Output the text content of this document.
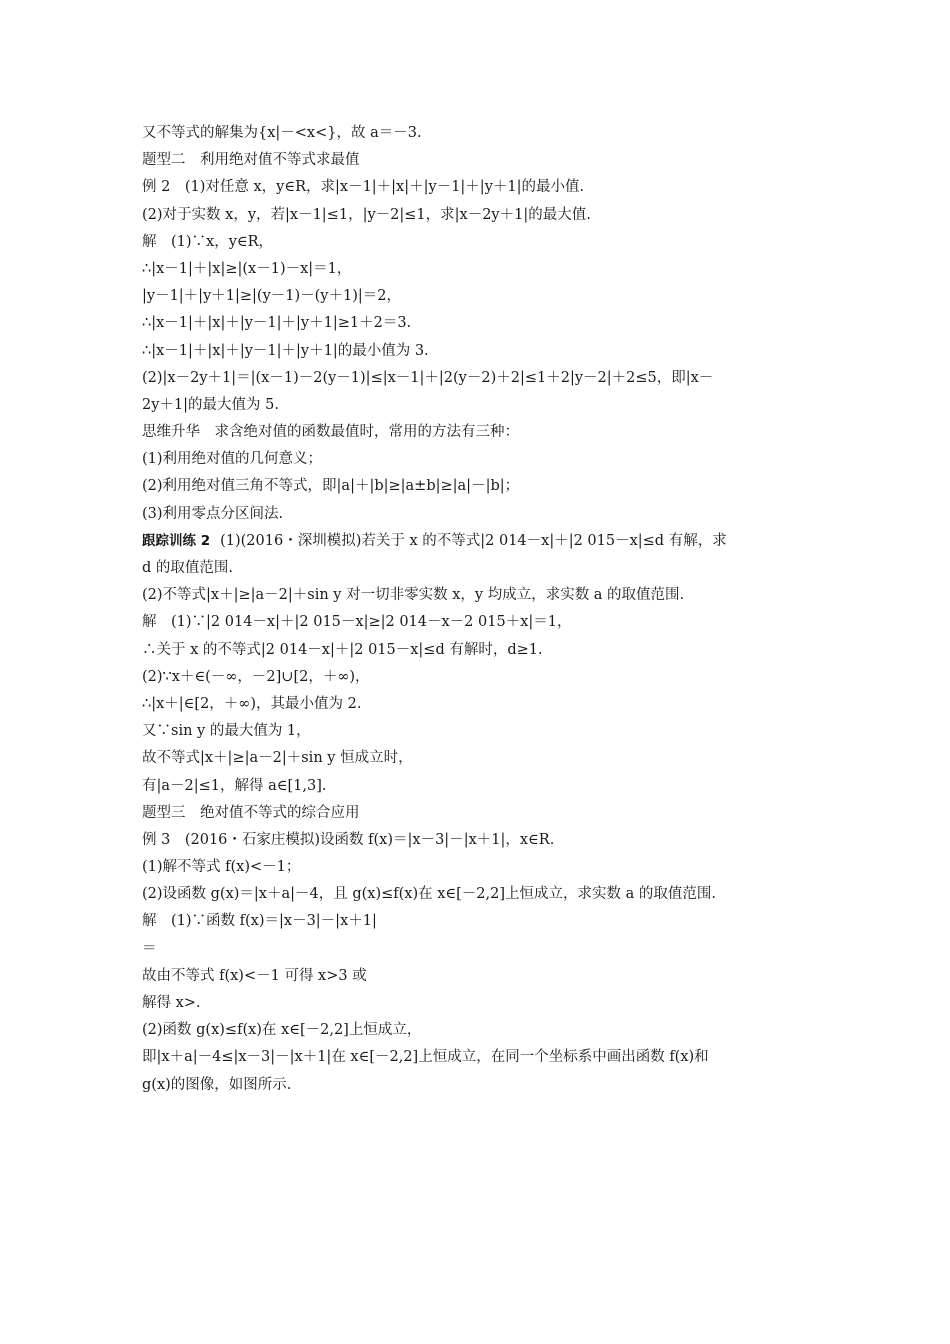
又不等式的解集为{x|－<x<}，故 a＝－3.
题型二　利用绝对值不等式求最值
例 2　(1)对任意 x，y∈R，求|x－1|＋|x|＋|y－1|＋|y＋1|的最小值.
(2)对于实数 x，y，若|x－1|≤1，|y－2|≤1，求|x－2y＋1|的最大值.
解　(1)∵x，y∈R，
∴|x－1|＋|x|≥|(x－1)－x|＝1，
|y－1|＋|y＋1|≥|(y－1)－(y＋1)|＝2，
∴|x－1|＋|x|＋|y－1|＋|y＋1|≥1＋2＝3.
∴|x－1|＋|x|＋|y－1|＋|y＋1|的最小值为 3.
(2)|x－2y＋1|＝|(x－1)－2(y－1)|≤|x－1|＋|2(y－2)＋2|≤1＋2|y－2|＋2≤5，即|x－
2y＋1|的最大值为 5.
思维升华　求含绝对值的函数最值时，常用的方法有三种：
(1)利用绝对值的几何意义；
(2)利用绝对值三角不等式，即|a|＋|b|≥|a±b|≥|a|－|b|；
(3)利用零点分区间法.
跟踪训练 2 (1)(2016・深圳模拟)若关于 x 的不等式|2 014－x|＋|2 015－x|≤d 有解，求
d 的取值范围.
(2)不等式|x＋|≥|a－2|＋sin y 对一切非零实数 x，y 均成立，求实数 a 的取值范围.
解　(1)∵|2 014－x|＋|2 015－x|≥|2 014－x－2 015＋x|＝1，
∴关于 x 的不等式|2 014－x|＋|2 015－x|≤d 有解时，d≥1.
(2)∵x＋∈(－∞，－2]∪[2，＋∞)，
∴|x＋|∈[2，＋∞)，其最小值为 2.
又∵sin y 的最大值为 1，
故不等式|x＋|≥|a－2|＋sin y 恒成立时，
有|a－2|≤1，解得 a∈[1,3].
题型三　绝对值不等式的综合应用
例 3　(2016・石家庄模拟)设函数 f(x)＝|x－3|－|x＋1|，x∈R.
(1)解不等式 f(x)<－1；
(2)设函数 g(x)＝|x＋a|－4，且 g(x)≤f(x)在 x∈[－2,2]上恒成立，求实数 a 的取值范围.
解　(1)∵函数 f(x)＝|x－3|－|x＋1|
＝
故由不等式 f(x)<－1 可得 x>3 或
解得 x>.
(2)函数 g(x)≤f(x)在 x∈[－2,2]上恒成立，
即|x＋a|－4≤|x－3|－|x＋1|在 x∈[－2,2]上恒成立，在同一个坐标系中画出函数 f(x)和
g(x)的图像，如图所示.
